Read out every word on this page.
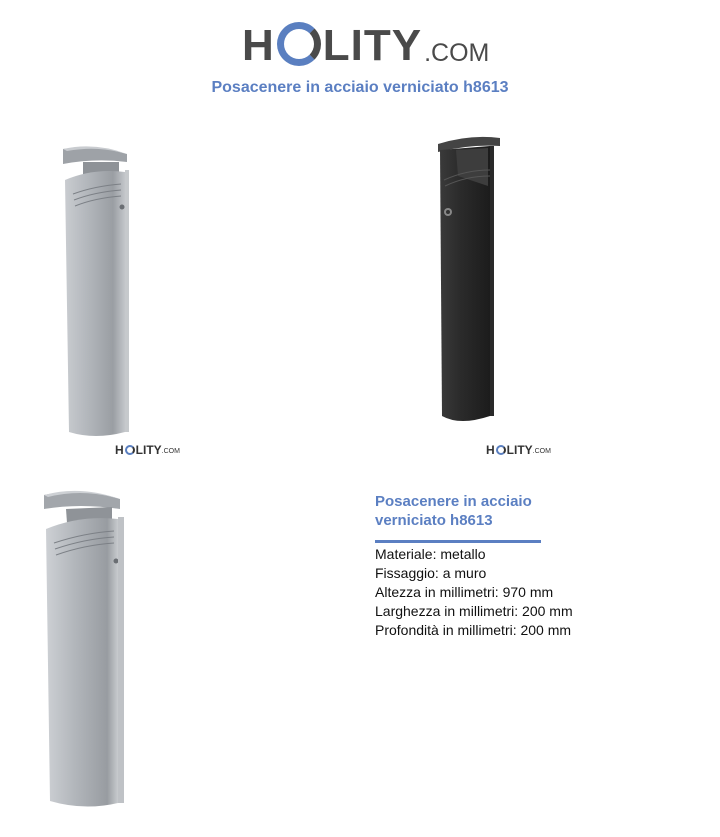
H LITY .COM
Posacenere in acciaio verniciato h8613
H LITY .COM	H LITY .COM
Posacenere in acciaio verniciato h8613
Materiale: metallo
Fissaggio: a muro
Altezza in millimetri: 970 mm
Larghezza in millimetri: 200 mm
Profondità in millimetri: 200 mm
